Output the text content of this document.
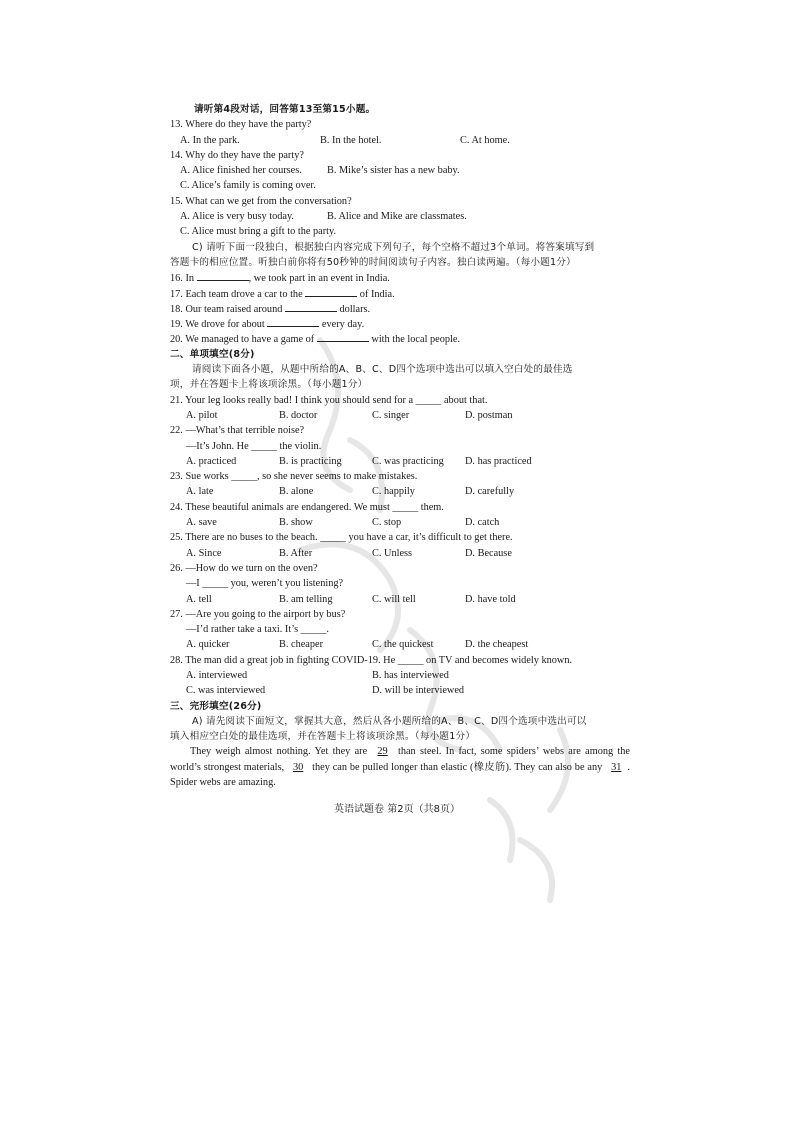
请听第4段对话，回答第13至第15小题。
13. Where do they have the party?
A. In the park.	B. In the hotel.	C. At home.
14. Why do they have the party?
A. Alice finished her courses.	B. Mike’s sister has a new baby.
C. Alice’s family is coming over.
15. What can we get from the conversation?
A. Alice is very busy today.	B. Alice and Mike are classmates.
C. Alice must bring a gift to the party.
C) 请听下面一段独白，根据独白内容完成下列句子，每个空格不超过3个单词。将答案填写到
答题卡的相应位置。听独白前你将有50秒钟的时间阅读句子内容。独白读两遍。（每小题1分）
16. In	, we took part in an event in India.
17. Each team drove a car to the	of India.
18. Our team raised around	dollars.
19. We drove for about	every day.
20. We managed to have a game of	with the local people.
二、单项填空(8分)
请阅读下面各小题，从题中所给的A、B、C、D四个选项中选出可以填入空白处的最佳选
项，并在答题卡上将该项涂黑。（每小题1分）
21. Your leg looks really bad! I think you should send for a _____ about that.
A. pilot	B. doctor	C. singer	D. postman
22. —What’s that terrible noise?
—It’s John. He _____ the violin.
A. practiced	B. is practicing	C. was practicing	D. has practiced
23. Sue works _____, so she never seems to make mistakes.
A. late	B. alone	C. happily	D. carefully
24. These beautiful animals are endangered. We must _____ them.
A. save	B. show	C. stop	D. catch
25. There are no buses to the beach. _____ you have a car, it’s difficult to get there.
A. Since	B. After	C. Unless	D. Because
26. —How do we turn on the oven?
—I _____ you, weren’t you listening?
A. tell	B. am telling	C. will tell	D. have told
27. —Are you going to the airport by bus?
—I’d rather take a taxi. It’s _____.
A. quicker	B. cheaper	C. the quickest	D. the cheapest
28. The man did a great job in fighting COVID-19. He _____ on TV and becomes widely known.
A. interviewed	B. has interviewed
C. was interviewed	D. will be interviewed
三、完形填空(26分)
A) 请先阅读下面短文，掌握其大意，然后从各小题所给的A、B、C、D四个选项中选出可以
填入相应空白处的最佳选项，并在答题卡上将该项涂黑。（每小题1分）
They weigh almost nothing. Yet they are 29 than steel. In fact, some spiders’ webs are among the world’s strongest materials, 30 they can be pulled longer than elastic (橡皮筋). They can also be any 31 . Spider webs are amazing.
英语试题卷 第2页（共8页）
